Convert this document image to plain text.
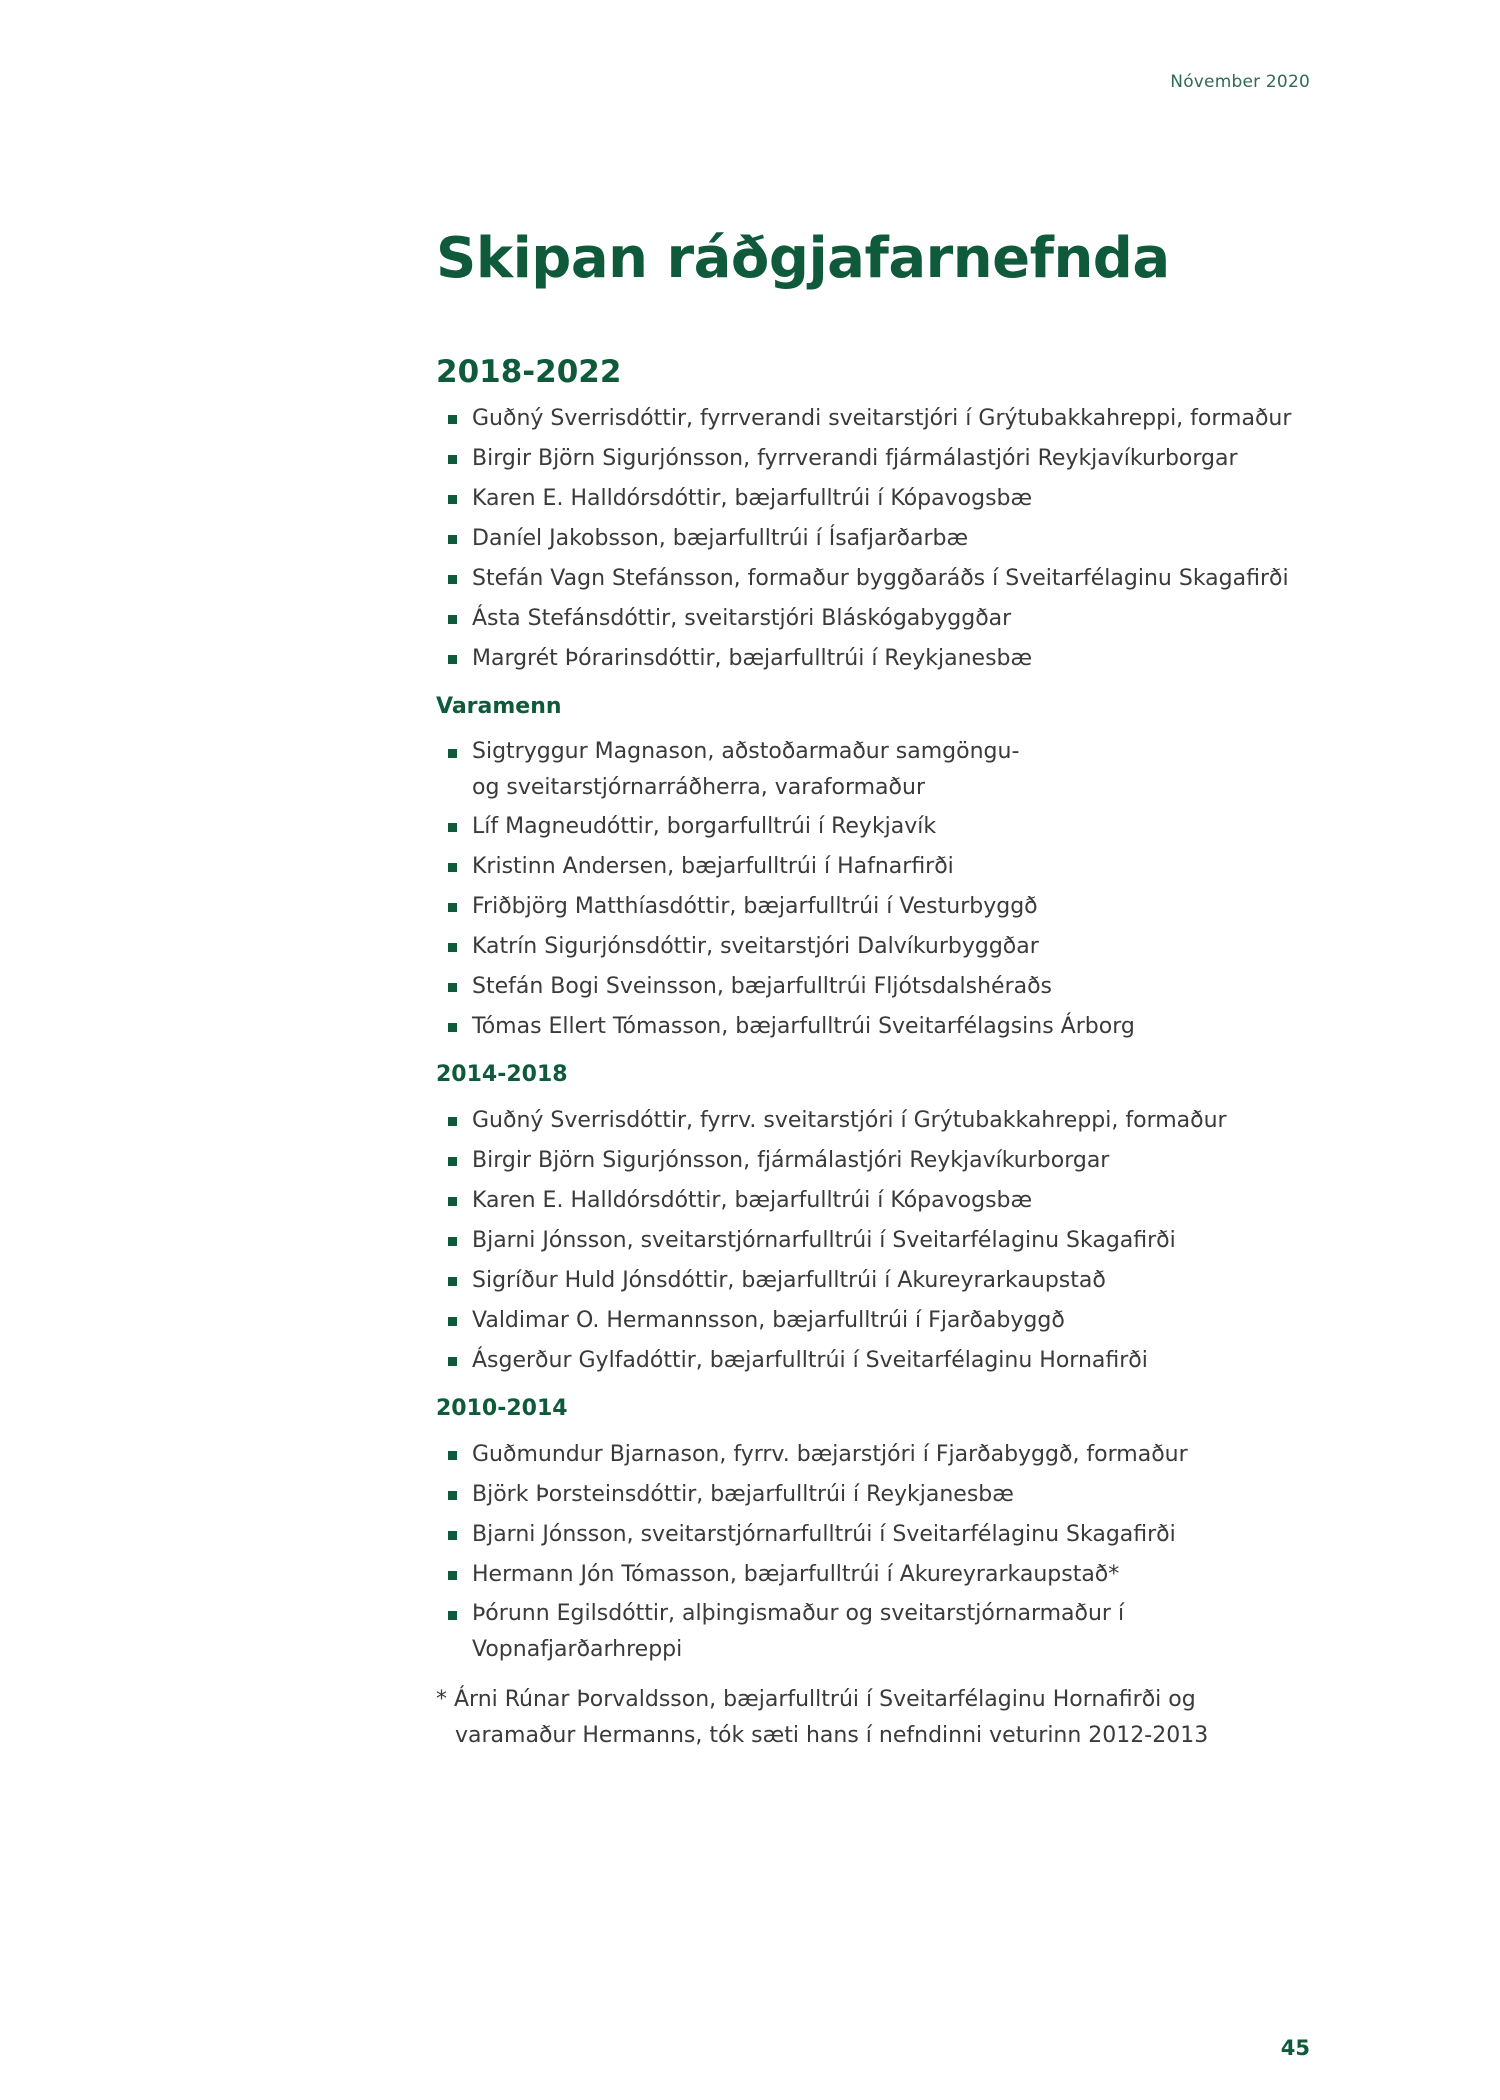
Nóvember 2020
Skipan ráðgjafarnefnda
2018-2022
Guðný Sverrisdóttir, fyrrverandi sveitarstjóri í Grýtubakkahreppi, formaður
Birgir Björn Sigurjónsson, fyrrverandi fjármálastjóri Reykjavíkurborgar
Karen E. Halldórsdóttir, bæjarfulltrúi í Kópavogsbæ
Daníel Jakobsson, bæjarfulltrúi í Ísafjarðarbæ
Stefán Vagn Stefánsson, formaður byggðaráðs í Sveitarfélaginu Skagafirði
Ásta Stefánsdóttir, sveitarstjóri Bláskógabyggðar
Margrét Þórarinsdóttir, bæjarfulltrúi í Reykjanesbæ
Varamenn
Sigtryggur Magnason, aðstoðarmaður samgöngu-
og sveitarstjórnarráðherra, varaformaður
Líf Magneudóttir, borgarfulltrúi í Reykjavík
Kristinn Andersen, bæjarfulltrúi í Hafnarfirði
Friðbjörg Matthíasdóttir, bæjarfulltrúi í Vesturbyggð
Katrín Sigurjónsdóttir, sveitarstjóri Dalvíkurbyggðar
Stefán Bogi Sveinsson, bæjarfulltrúi Fljótsdalshéraðs
Tómas Ellert Tómasson, bæjarfulltrúi Sveitarfélagsins Árborg
2014-2018
Guðný Sverrisdóttir, fyrrv. sveitarstjóri í Grýtubakkahreppi, formaður
Birgir Björn Sigurjónsson, fjármálastjóri Reykjavíkurborgar
Karen E. Halldórsdóttir, bæjarfulltrúi í Kópavogsbæ
Bjarni Jónsson, sveitarstjórnarfulltrúi í Sveitarfélaginu Skagafirði
Sigríður Huld Jónsdóttir, bæjarfulltrúi í Akureyrarkaupstað
Valdimar O. Hermannsson, bæjarfulltrúi í Fjarðabyggð
Ásgerður Gylfadóttir, bæjarfulltrúi í Sveitarfélaginu Hornafirði
2010-2014
Guðmundur Bjarnason, fyrrv. bæjarstjóri í Fjarðabyggð, formaður
Björk Þorsteinsdóttir, bæjarfulltrúi í Reykjanesbæ
Bjarni Jónsson, sveitarstjórnarfulltrúi í Sveitarfélaginu Skagafirði
Hermann Jón Tómasson, bæjarfulltrúi í Akureyrarkaupstað*
Þórunn Egilsdóttir, alþingismaður og sveitarstjórnarmaður í
Vopnafjarðarhreppi
* Árni Rúnar Þorvaldsson, bæjarfulltrúi í Sveitarfélaginu Hornafirði og
varamaður Hermanns, tók sæti hans í nefndinni veturinn 2012-2013
45
